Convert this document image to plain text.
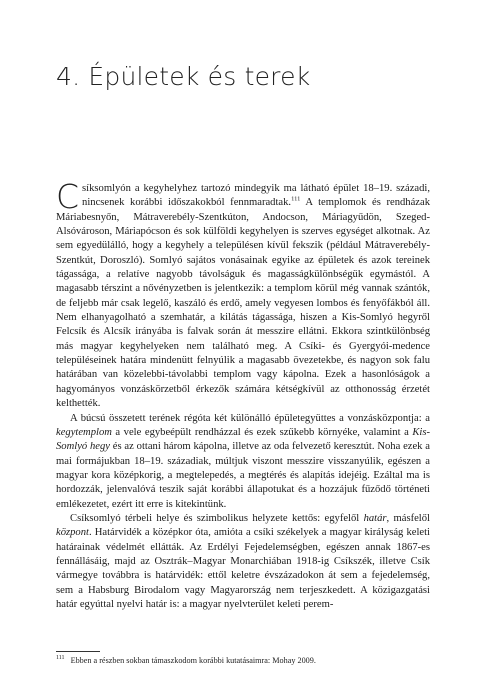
4. Épületek és terek

Csíksomlyón a kegyhelyhez tartozó mindegyik ma látható épület 18–19. századi, nincsenek korábbi időszakokból fennmaradtak.$^{111}$ A templomok és rendházak Máriabesnyőn, Mátraverebély-Szentkúton, Andocson, Máriagyűdön, Szeged-Alsóvároson, Máriapócson és sok külföldi kegyhelyen is szerves egységet alkotnak. Az sem egyedülálló, hogy a kegyhely a településen kívül fekszik (például Mátraverebély-Szentkút, Doroszló). Somlyó sajátos vonásainak egyike az épületek és azok tereinek tágassága, a relatíve nagyobb távolságuk és magasságkülönbségük egymástól. A magasabb térszint a nővényzetben is jelentkezik: a templom körül még vannak szántók, de feljebb már csak legelő, kaszáló és erdő, amely vegyesen lombos és fenyőfákból áll. Nem elhanyagolható a szemhatár, a kilátás tágassága, hiszen a Kis-Somlyó hegyről Felcsík és Alcsík irányába is falvak során át messzire ellátni. Ekkora szintkülönbség más magyar kegyhelyeken nem található meg. A Csíki- és Gyergyói-medence településeinek határa mindenütt felnyúlik a magasabb övezetekbe, és nagyon sok falu határában van közelebbi-távolabbi templom vagy kápolna. Ezek a hasonlóságok a hagyományos vonzáskörzetből érkezők számára kétségkívül az otthonosság érzetét kelthették.

A búcsú összetett terének régóta két különálló épületegyüttes a vonzásközpontja: a kegytemplom a vele egybeépült rendházzal és ezek szűkebb környéke, valamint a Kis-Somlyó hegy és az ottani három kápolna, illetve az oda felvezető keresztút. Noha ezek a mai formájukban 18–19. századiak, múltjuk viszont messzire visszanyúlik, egészen a magyar kora középkorig, a megtelepedés, a megtérés és alapítás idejéig. Ezáltal ma is hordozzák, jelenvalóvá teszik saját korábbi állapotukat és a hozzájuk fűződő történeti emlékezetet, ezért itt erre is kitekintünk.

Csíksomlyó térbeli helye és szimbolikus helyzete kettős: egyfelől határ, másfelől központ. Határvidék a középkor óta, amióta a csíki székelyek a magyar királyság keleti határainak védelmét ellátták. Az Erdélyi Fejedelemségben, egészen annak 1867-es fennállásáig, majd az Osztrák–Magyar Monarchiában 1918-ig Csíkszék, illetve Csík vármegye továbbra is határvidék: ettől keletre évszázadokon át sem a fejedelemség, sem a Habsburg Birodalom vagy Magyarország nem terjeszkedett. A közigazgatási határ egyúttal nyelvi határ is: a magyar nyelvterület keleti perem-

$^{111}$ Ebben a részben sokban támaszkodom korábbi kutatásaimra: Mohay 2009.
